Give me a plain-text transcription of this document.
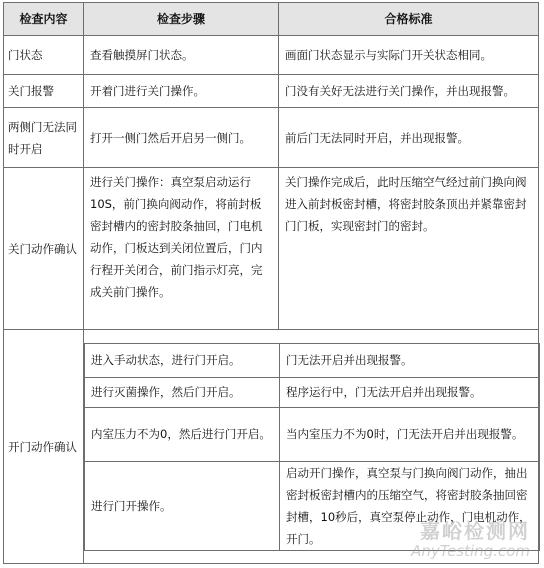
检查内容	检查步骤	合格标准
门状态	查看触摸屏门状态。	画面门状态显示与实际门开关状态相同。
关门报警	开着门进行关门操作。	门没有关好无法进行关门操作，并出现报警。
两侧门无法同时开启	打开一侧门然后开启另一侧门。	前后门无法同时开启，并出现报警。
关门动作确认	进行关门操作：真空泵启动运行10S，前门换向阀动作，将前封板密封槽内的密封胶条抽回，门电机动作，门板达到关闭位置后，门内行程开关闭合，前门指示灯亮，完成关前门操作。	关门操作完成后，此时压缩空气经过前门换向阀进入前封板密封槽，将密封胶条顶出并紧靠密封门门板，实现密封门的密封。
开门动作确认	
进入手动状态，进行门开启。	门无法开启并出现报警。
进行灭菌操作，然后门开启。	程序运行中，门无法开启并出现报警。
内室压力不为0，然后进行门开启。	当内室压力不为0时，门无法开启并出现报警。
进行门开操作。	启动开门操作，真空泵与门换向阀门动作，抽出密封板密封槽内的压缩空气，将密封胶条抽回密封槽，10秒后，真空泵停止动作，门电机动作，开门。	嘉峪检测网
AnyTesting.com
